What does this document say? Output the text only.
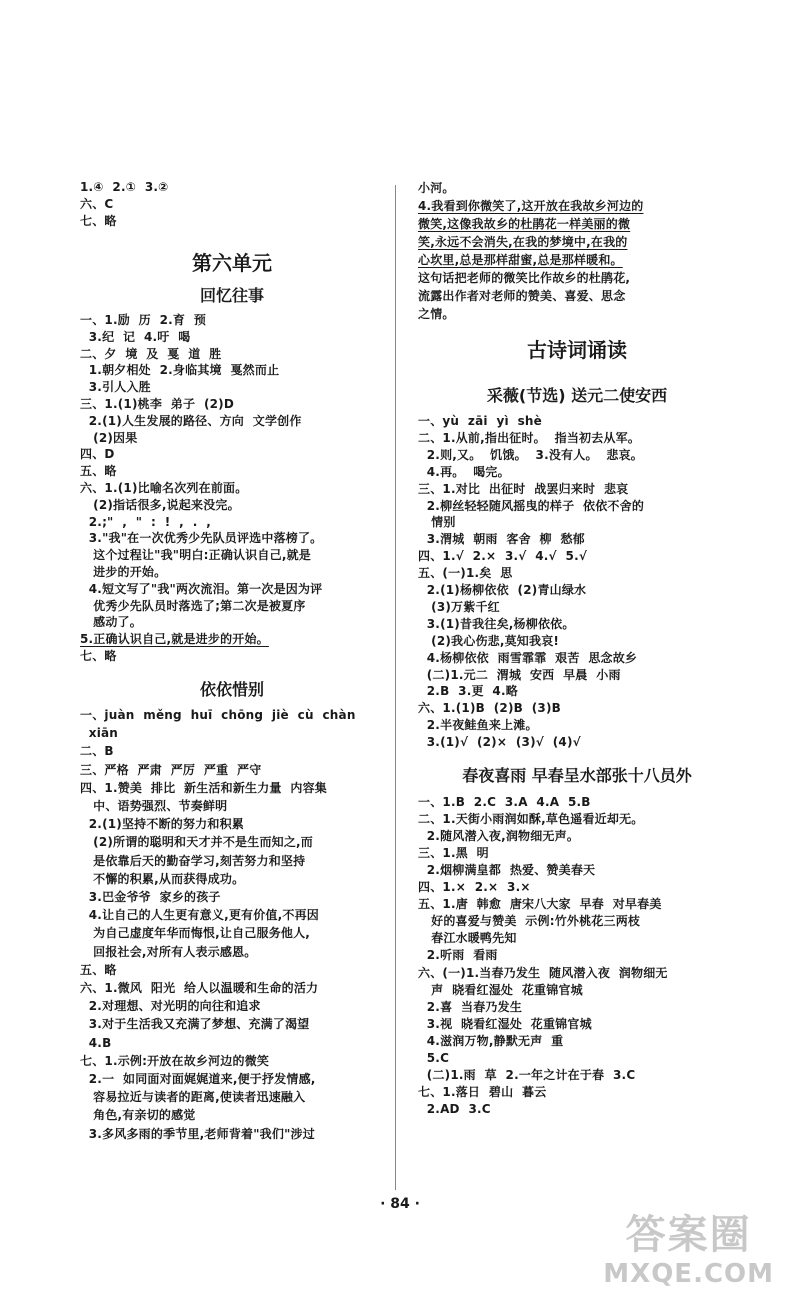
1.④  2.①  3.②
六、C
七、略
第六单元
回忆往事
一、1.励  历  2.育  预
3.纪  记  4.吁  喝
二、夕  境  及  戛  道  胜
1.朝夕相处  2.身临其境  戛然而止
3.引人入胜
三、1.(1)桃李  弟子  (2)D
2.(1)人生发展的路径、方向  文学创作
(2)因果
四、D
五、略
六、1.(1)比喻名次列在前面。
(2)指话很多,说起来没完。
2.;"  ,  "  :  !  ,  .  ,
3."我"在一次优秀少先队员评选中落榜了。
这个过程让"我"明白:正确认识自己,就是
进步的开始。
4.短文写了"我"两次流泪。第一次是因为评
优秀少先队员时落选了;第二次是被夏序
感动了。
5.正确认识自己,就是进步的开始。
七、略
依依惜别
一、juàn  měng  huī  chōng  jiè  cù  chàn
xiān
二、B
三、严格  严肃  严厉  严重  严守
四、1.赞美  排比  新生活和新生力量  内容集
中、语势强烈、节奏鲜明
2.(1)坚持不断的努力和积累
(2)所谓的聪明和天才并不是生而知之,而
是依靠后天的勤奋学习,刻苦努力和坚持
不懈的积累,从而获得成功。
3.巴金爷爷  家乡的孩子
4.让自己的人生更有意义,更有价值,不再因
为自己虚度年华而悔恨,让自己服务他人,
回报社会,对所有人表示感恩。
五、略
六、1.微风  阳光  给人以温暖和生命的活力
2.对理想、对光明的向往和追求
3.对于生活我又充满了梦想、充满了渴望
4.B
七、1.示例:开放在故乡河边的微笑
2.一  如同面对面娓娓道来,便于抒发情感,
容易拉近与读者的距离,使读者迅速融入
角色,有亲切的感觉
3.多风多雨的季节里,老师背着"我们"涉过
小河。
4.我看到你微笑了,这开放在我故乡河边的
微笑,这像我故乡的杜鹃花一样美丽的微
笑,永远不会消失,在我的梦境中,在我的
心坎里,总是那样甜蜜,总是那样暖和。
这句话把老师的微笑比作故乡的杜鹃花,
流露出作者对老师的赞美、喜爱、思念
之情。
古诗词诵读
采薇(节选) 送元二使安西
一、yù  zāi  yì  shè
二、1.从前,指出征时。  指当初去从军。
2.则,又。  饥饿。  3.没有人。  悲哀。
4.再。  喝完。
三、1.对比  出征时  战罢归来时  悲哀
2.柳丝轻轻随风摇曳的样子  依依不舍的
情别
3.渭城  朝雨  客舍  柳  愁郁
四、1.√  2.×  3.√  4.√  5.√
五、(一)1.矣  思
2.(1)杨柳依依  (2)青山绿水
(3)万紫千红
3.(1)昔我往矣,杨柳依依。
(2)我心伤悲,莫知我哀!
4.杨柳依依  雨雪霏霏  艰苦  思念故乡
(二)1.元二  渭城  安西  早晨  小雨
2.B  3.更  4.略
六、1.(1)B  (2)B  (3)B
2.半夜鲑鱼来上滩。
3.(1)√  (2)×  (3)√  (4)√
春夜喜雨 早春呈水部张十八员外
一、1.B  2.C  3.A  4.A  5.B
二、1.天街小雨润如酥,草色遥看近却无。
2.随风潜入夜,润物细无声。
三、1.黑  明
2.烟柳满皇都  热爱、赞美春天
四、1.×  2.×  3.×
五、1.唐  韩愈  唐宋八大家  早春  对早春美
好的喜爱与赞美  示例:竹外桃花三两枝
春江水暖鸭先知
2.听雨  看雨
六、(一)1.当春乃发生  随风潜入夜  润物细无
声  晓看红湿处  花重锦官城
2.喜  当春乃发生
3.视  晓看红湿处  花重锦官城
4.滋润万物,静默无声  重
5.C
(二)1.雨  草  2.一年之计在于春  3.C
七、1.落日  碧山  暮云
2.AD  3.C
· 84 ·
答案圈
MXQE.COM
